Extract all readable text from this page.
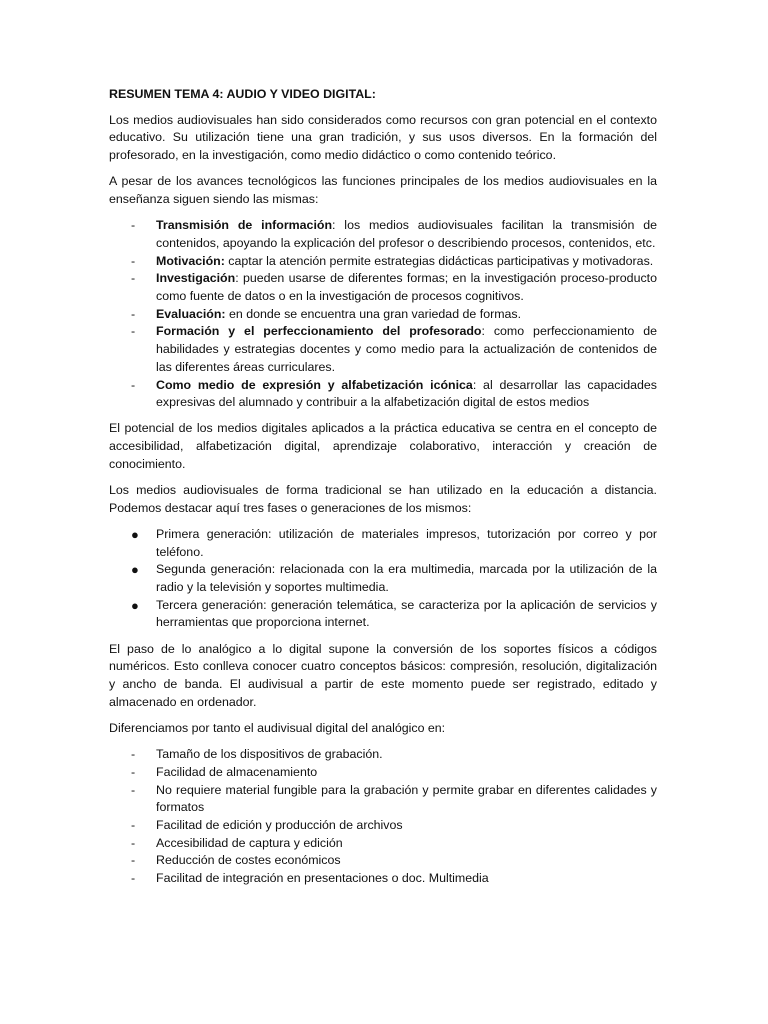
RESUMEN TEMA 4: AUDIO Y VIDEO DIGITAL:

Los medios audiovisuales han sido considerados como recursos con gran potencial en el contexto educativo. Su utilización tiene una gran tradición, y sus usos diversos. En la formación del profesorado, en la investigación, como medio didáctico o como contenido teórico.

A pesar de los avances tecnológicos las funciones principales de los medios audiovisuales en la enseñanza siguen siendo las mismas:

- Transmisión de información: los medios audiovisuales facilitan la transmisión de contenidos, apoyando la explicación del profesor o describiendo procesos, contenidos, etc.
- Motivación: captar la atención permite estrategias didácticas participativas y motivadoras.
- Investigación: pueden usarse de diferentes formas; en la investigación proceso-producto como fuente de datos o en la investigación de procesos cognitivos.
- Evaluación: en donde se encuentra una gran variedad de formas.
- Formación y el perfeccionamiento del profesorado: como perfeccionamiento de habilidades y estrategias docentes y como medio para la actualización de contenidos de las diferentes áreas curriculares.
- Como medio de expresión y alfabetización icónica: al desarrollar las capacidades expresivas del alumnado y contribuir a la alfabetización digital de estos medios

El potencial de los medios digitales aplicados a la práctica educativa se centra en el concepto de accesibilidad, alfabetización digital, aprendizaje colaborativo, interacción y creación de conocimiento.

Los medios audiovisuales de forma tradicional se han utilizado en la educación a distancia. Podemos destacar aquí tres fases o generaciones de los mismos:

● Primera generación: utilización de materiales impresos, tutorización por correo y por teléfono.
● Segunda generación: relacionada con la era multimedia, marcada por la utilización de la radio y la televisión y soportes multimedia.
● Tercera generación: generación telemática, se caracteriza por la aplicación de servicios y herramientas que proporciona internet.

El paso de lo analógico a lo digital supone la conversión de los soportes físicos a códigos numéricos. Esto conlleva conocer cuatro conceptos básicos: compresión, resolución, digitalización y ancho de banda. El audivisual a partir de este momento puede ser registrado, editado y almacenado en ordenador.

Diferenciamos por tanto el audivisual digital del analógico en:

- Tamaño de los dispositivos de grabación.
- Facilidad de almacenamiento
- No requiere material fungible para la grabación y permite grabar en diferentes calidades y formatos
- Facilitad de edición y producción de archivos
- Accesibilidad de captura y edición
- Reducción de costes económicos
- Facilitad de integración en presentaciones o doc. Multimedia
